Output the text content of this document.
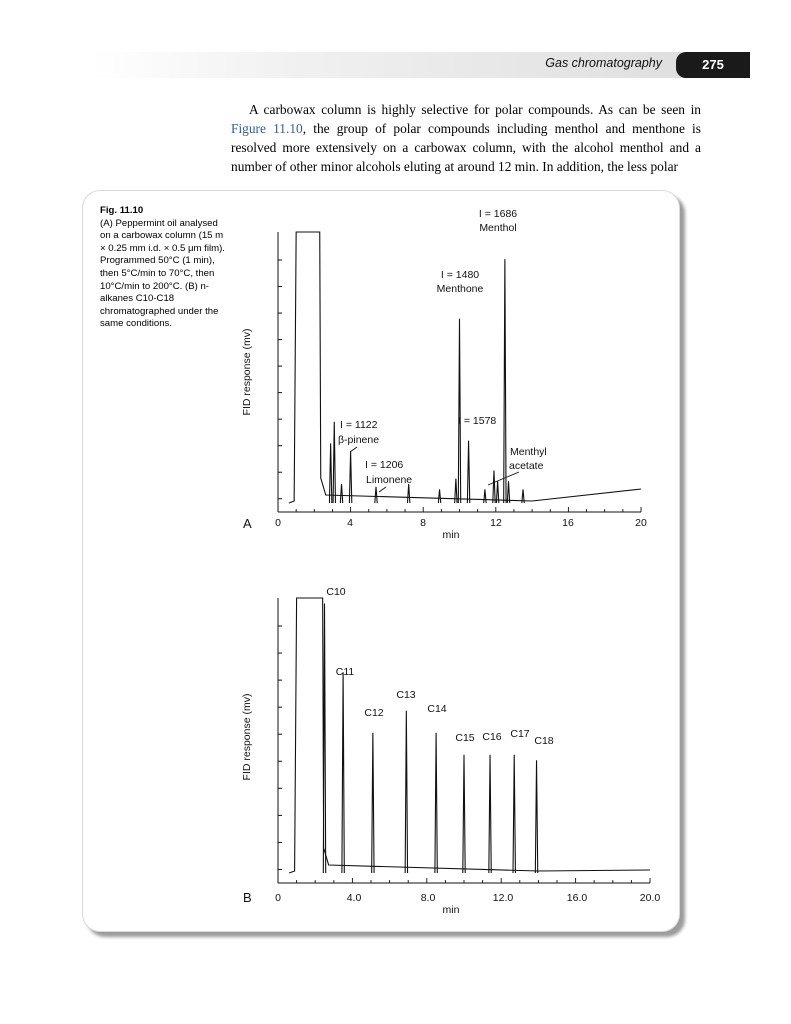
Gas chromatography	275
A carbowax column is highly selective for polar compounds. As can be seen in Figure 11.10, the group of polar compounds including menthol and menthone is resolved more extensively on a carbowax column, with the alcohol menthol and a number of other minor alcohols eluting at around 12 min. In addition, the less polar
Fig. 11.10
(A) Peppermint oil analysed on a carbowax column (15 m × 0.25 mm i.d. × 0.5 μm film). Programmed 50°C (1 min), then 5°C/min to 70°C, then 10°C/min to 200°C. (B) n-alkanes C10-C18 chromatographed under the same conditions.
A
FID response (mv)
min
0	4	8	12	16	20
I = 1686
Menthol
I = 1480
Menthone
I = 1578
I = 1122
β-pinene
I = 1206
Limonene
Menthyl
acetate
B
FID response (mv)
min
0	4.0	8.0	12.0	16.0	20.0
C10
C11
C12
C13
C14
C15 C16 C17
C18
